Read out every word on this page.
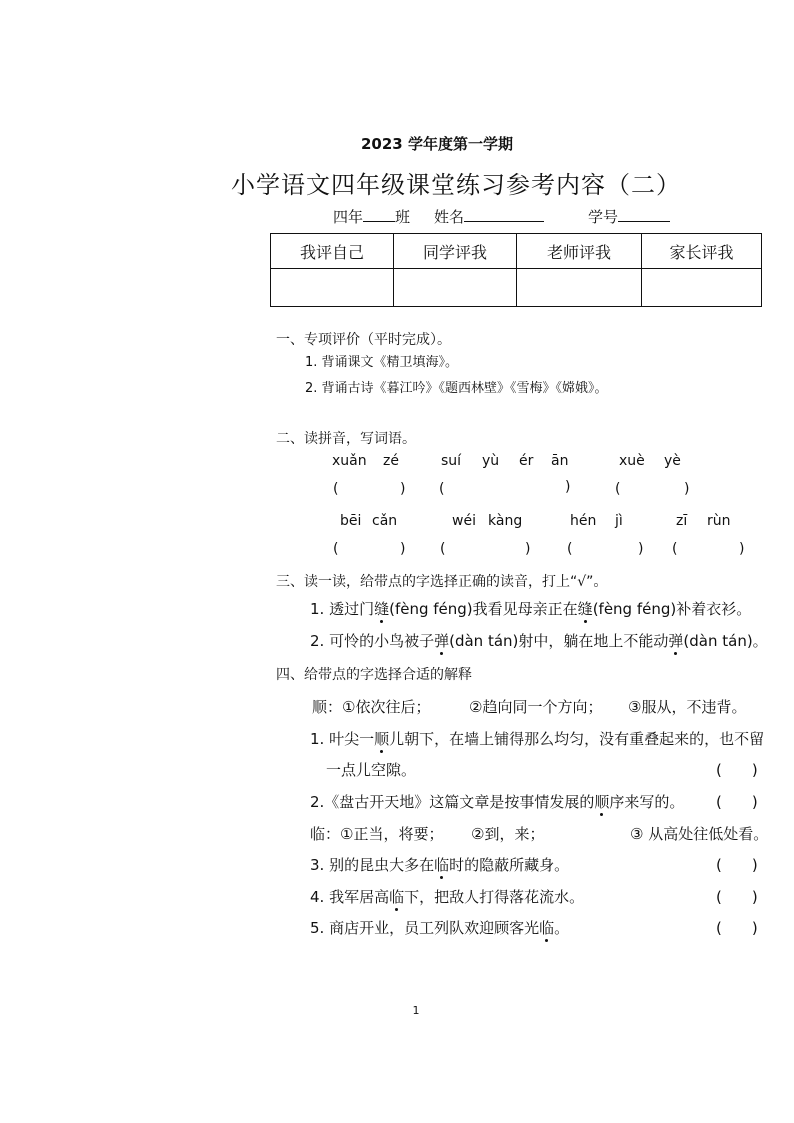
2023 学年度第一学期
小学语文四年级课堂练习参考内容（二）
四年 班 姓名	学号
我评自己	同学评我	老师评我	家长评我

一、专项评价（平时完成）。
1. 背诵课文《精卫填海》。
2. 背诵古诗《暮江吟》《题西林壁》《雪梅》《嫦娥》。
二、读拼音，写词语。
xuǎn zé	suí yù ér ān	xuè yè
(	) (	)	(	)
bēi cǎn	wéi kàng	hén jì	zī rùn
(	) (	)	(	) (	)
三、读一读，给带点的字选择正确的读音，打上“√”。
1. 透过门缝(fèng féng)我看见母亲正在缝(fèng féng)补着衣衫。
2. 可怜的小鸟被子弹(dàn tán)射中，躺在地上不能动弹(dàn tán)。
四、给带点的字选择合适的解释
顺：①依次往后；	②趋向同一个方向； ③服从，不违背。
1. 叶尖一顺儿朝下，在墙上铺得那么均匀，没有重叠起来的，也不留
一点儿空隙。	(　　)
2.《盘古开天地》这篇文章是按事情发展的顺序来写的。 (　　)
临：①正当，将要； ②到，来；	③ 从高处往低处看。
3. 别的昆虫大多在临时的隐蔽所藏身。	(　　)
4. 我军居高临下，把敌人打得落花流水。	(　　)
5. 商店开业，员工列队欢迎顾客光临。	(　　)
1
